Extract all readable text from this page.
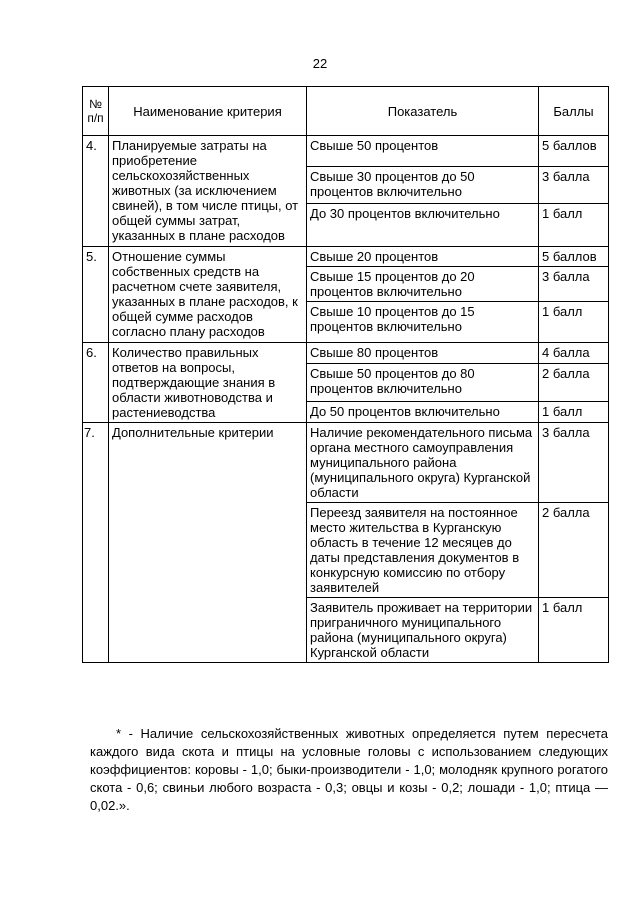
22
№
п/п	Наименование критерия	Показатель	Баллы
4.	Планируемые затраты на приобретение сельскохозяйственных животных (за исключением свиней), в том числе птицы, от общей суммы затрат, указанных в плане расходов	Свыше 50 процентов	5 баллов
		Свыше 30 процентов до 50 процентов включительно	3 балла
		До 30 процентов включительно	1 балл
5.	Отношение суммы собственных средств на расчетном счете заявителя, указанных в плане расходов, к общей сумме расходов согласно плану расходов	Свыше 20 процентов	5 баллов
		Свыше 15 процентов до 20 процентов включительно	3 балла
		Свыше 10 процентов до 15 процентов включительно	1 балл
6.	Количество правильных ответов на вопросы, подтверждающие знания в области животноводства и растениеводства	Свыше 80 процентов	4 балла
		Свыше 50 процентов до 80 процентов включительно	2 балла
		До 50 процентов включительно	1 балл
7.	Дополнительные критерии	Наличие рекомендательного письма органа местного самоуправления муниципального района (муниципального округа) Курганской области	3 балла
		Переезд заявителя на постоянное место жительства в Курганскую область в течение 12 месяцев до даты представления документов в конкурсную комиссию по отбору заявителей	2 балла
		Заявитель проживает на территории приграничного муниципального района (муниципального округа) Курганской области	1 балл

* - Наличие сельскохозяйственных животных определяется путем пересчета каждого вида скота и птицы на условные головы с использованием следующих коэффициентов: коровы - 1,0; быки-производители - 1,0; молодняк крупного рогатого скота - 0,6; свиньи любого возраста - 0,3; овцы и козы - 0,2; лошади - 1,0; птица — 0,02.».
